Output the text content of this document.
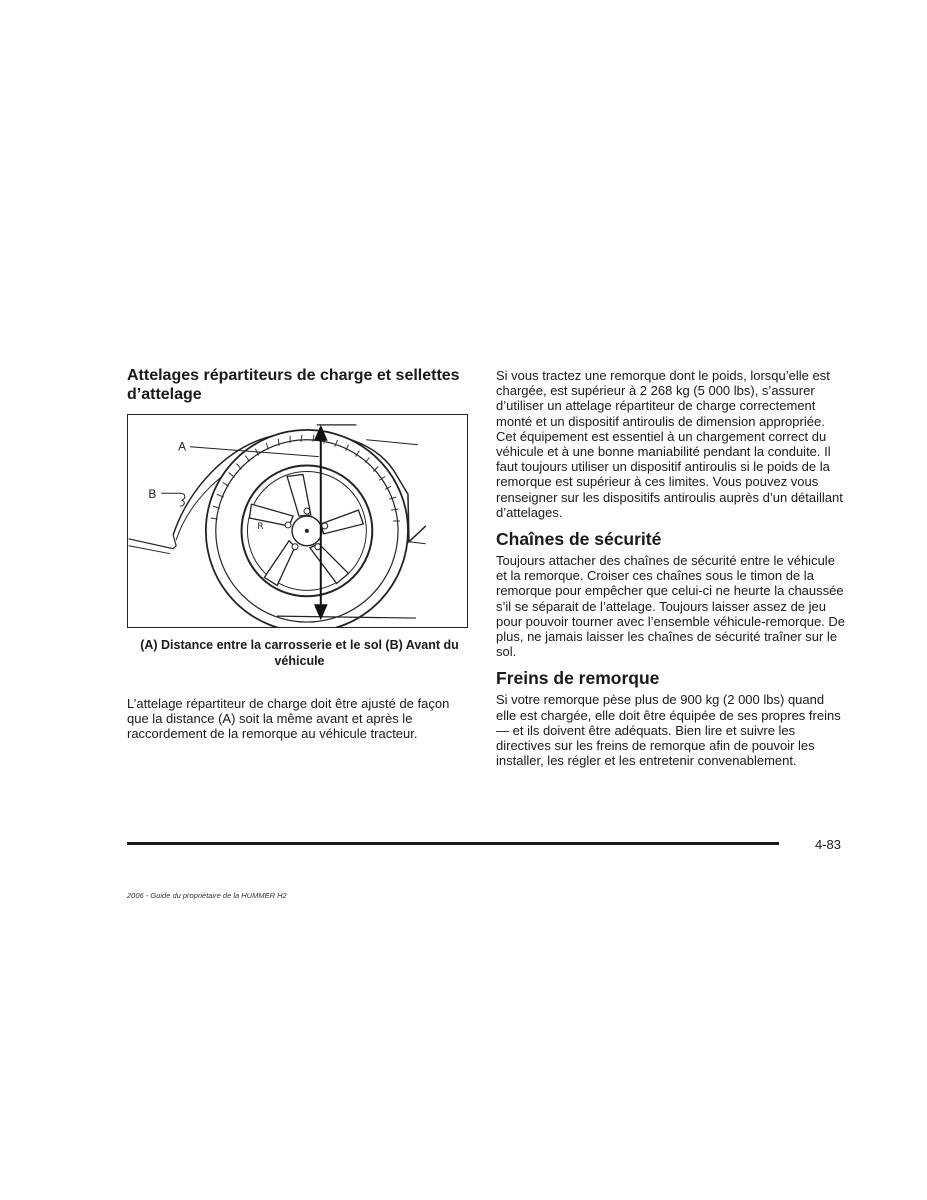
Attelages répartiteurs de charge et sellettes d’attelage
R
A
B

(A) Distance entre la carrosserie et le sol (B) Avant du véhicule

L’attelage répartiteur de charge doit être ajusté de façon que la distance (A) soit la même avant et après le raccordement de la remorque au véhicule tracteur.

Si vous tractez une remorque dont le poids, lorsqu’elle est chargée, est supérieur à 2 268 kg (5 000 lbs), s’assurer d’utiliser un attelage répartiteur de charge correctement monté et un dispositif antiroulis de dimension appropriée. Cet équipement est essentiel à un chargement correct du véhicule et à une bonne maniabilité pendant la conduite. Il faut toujours utiliser un dispositif antiroulis si le poids de la remorque est supérieur à ces limites. Vous pouvez vous renseigner sur les dispositifs antiroulis auprès d’un détaillant d’attelages.

Chaînes de sécurité

Toujours attacher des chaînes de sécurité entre le véhicule et la remorque. Croiser ces chaînes sous le timon de la remorque pour empêcher que celui-ci ne heurte la chaussée s’il se séparait de l’attelage. Toujours laisser assez de jeu pour pouvoir tourner avec l’ensemble véhicule-remorque. De plus, ne jamais laisser les chaînes de sécurité traîner sur le sol.

Freins de remorque

Si votre remorque pèse plus de 900 kg (2 000 lbs) quand elle est chargée, elle doit être équipée de ses propres freins — et ils doivent être adéquats. Bien lire et suivre les directives sur les freins de remorque afin de pouvoir les installer, les régler et les entretenir convenablement.

4-83
2006 - Guide du propriétaire de la HUMMER H2
